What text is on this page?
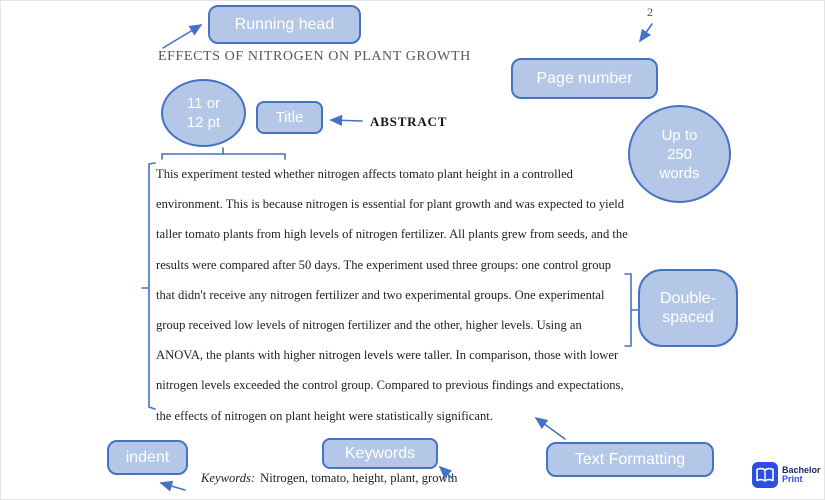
2
EFFECTS OF NITROGEN ON PLANT GROWTH
ABSTRACT
This experiment tested whether nitrogen affects tomato plant height in a controlled
environment. This is because nitrogen is essential for plant growth and was expected to yield
taller tomato plants from high levels of nitrogen fertilizer. All plants grew from seeds, and the
results were compared after 50 days. The experiment used three groups: one control group
that didn't receive any nitrogen fertilizer and two experimental groups. One experimental
group received low levels of nitrogen fertilizer and the other, higher levels. Using an
ANOVA, the plants with higher nitrogen levels were taller. In comparison, those with lower
nitrogen levels exceeded the control group. Compared to previous findings and expectations,
the effects of nitrogen on plant height were statistically significant.
Keywords: Nitrogen, tomato, height, plant, growth
Running head
Page number
Title
11 or
12 pt
Up to
250
words
Double-
spaced
indent	Keywords	Text Formatting
Bachelor
Print
